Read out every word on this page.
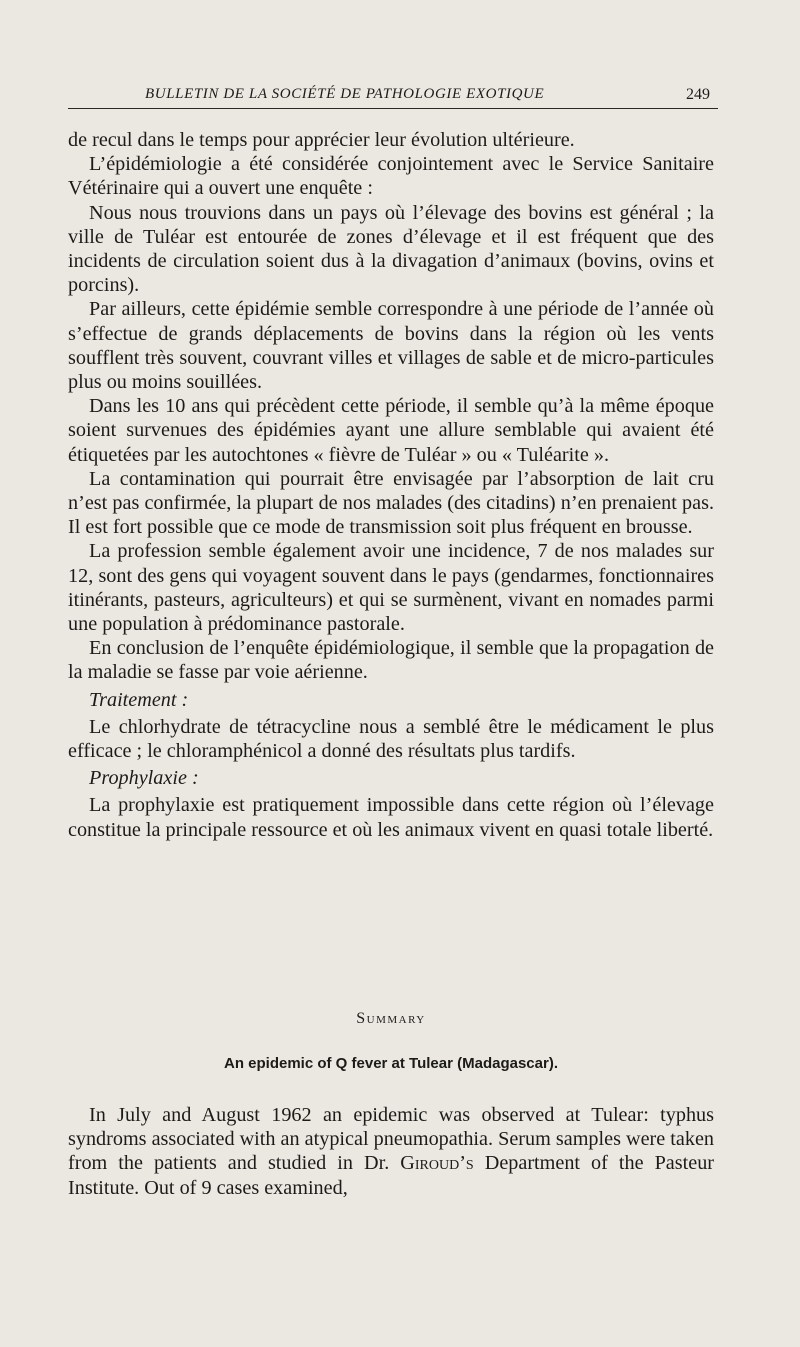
BULLETIN DE LA SOCIÉTÉ DE PATHOLOGIE EXOTIQUE	249

de recul dans le temps pour apprécier leur évolution ultérieure.

L’épidémiologie a été considérée conjointement avec le Service Sanitaire Vétérinaire qui a ouvert une enquête :

Nous nous trouvions dans un pays où l’élevage des bovins est général ; la ville de Tuléar est entourée de zones d’élevage et il est fréquent que des incidents de circulation soient dus à la divagation d’animaux (bovins, ovins et porcins).

Par ailleurs, cette épidémie semble correspondre à une période de l’année où s’effectue de grands déplacements de bovins dans la région où les vents soufflent très souvent, couvrant villes et villages de sable et de micro-particules plus ou moins souillées.

Dans les 10 ans qui précèdent cette période, il semble qu’à la même époque soient survenues des épidémies ayant une allure semblable qui avaient été étiquetées par les autochtones « fièvre de Tuléar » ou « Tuléarite ».

La contamination qui pourrait être envisagée par l’absorption de lait cru n’est pas confirmée, la plupart de nos malades (des citadins) n’en prenaient pas. Il est fort possible que ce mode de transmission soit plus fréquent en brousse.

La profession semble également avoir une incidence, 7 de nos malades sur 12, sont des gens qui voyagent souvent dans le pays (gendarmes, fonctionnaires itinérants, pasteurs, agriculteurs) et qui se surmènent, vivant en nomades parmi une population à prédominance pastorale.

En conclusion de l’enquête épidémiologique, il semble que la propagation de la maladie se fasse par voie aérienne.

Traitement :

Le chlorhydrate de tétracycline nous a semblé être le médicament le plus efficace ; le chloramphénicol a donné des résultats plus tardifs.

Prophylaxie :

La prophylaxie est pratiquement impossible dans cette région où l’élevage constitue la principale ressource et où les animaux vivent en quasi totale liberté.

Summary
An epidemic of Q fever at Tulear (Madagascar).

In July and August 1962 an epidemic was observed at Tulear: typhus syndroms associated with an atypical pneumopathia. Serum samples were taken from the patients and studied in Dr. Giroud’s Department of the Pasteur Institute. Out of 9 cases examined,
